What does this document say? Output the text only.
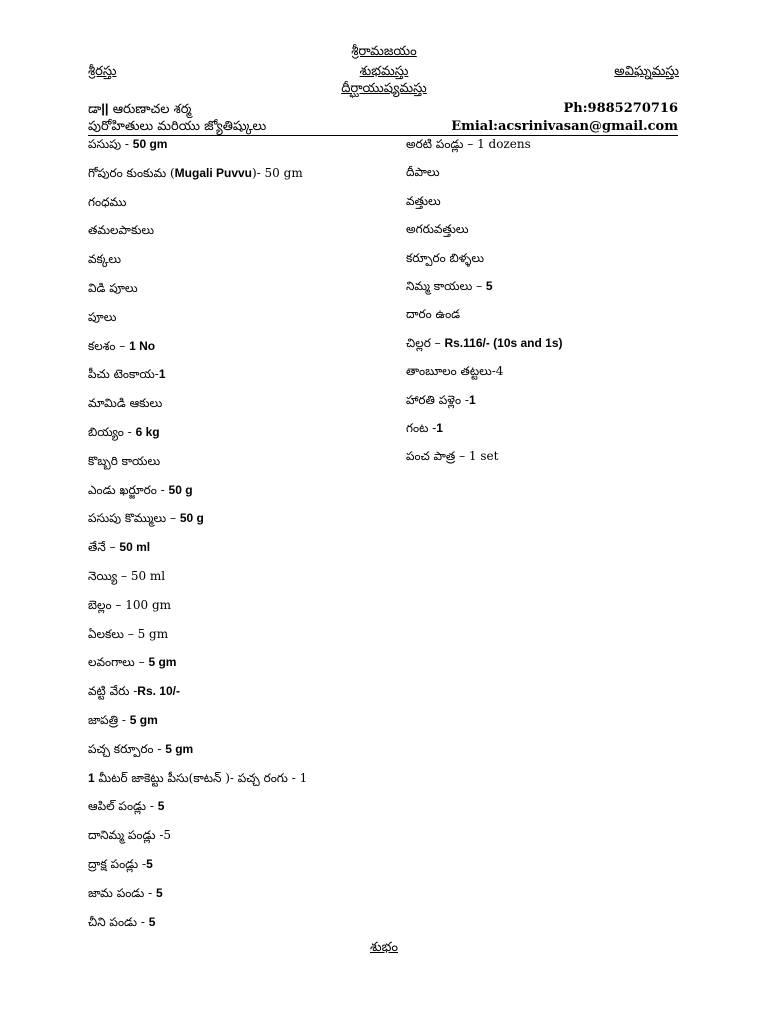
శ్రీరామజయం
శ్రీరస్తు	శుభమస్తు	అవిఘ్నమస్తు
దీర్ఘాయుష్యమస్తు
డా|| ఆరుణాచల శర్మ	Ph:9885270716
పురోహితులు మరియు జ్యోతిష్కులు	Emial:acsrinivasan@gmail.com
పసుపు - 50 gm
గోపురం కుంకుమ (Mugali Puvvu)- 50 gm
గంధము
తమలపాకులు
వక్కలు
విడి పూలు
పూలు
కలశం – 1 No
పీచు టెంకాయ-1
మామిడి ఆకులు
బియ్యం - 6 kg
కొబ్బరి కాయలు
ఎండు ఖర్జూరం - 50 g
పసుపు కొమ్ములు – 50 g
తేనే – 50 ml
నెయ్యి – 50 ml
బెల్లం – 100 gm
ఏలకలు – 5 gm
లవంగాలు – 5 gm
వట్టి వేరు -Rs. 10/-
జాపత్రి - 5 gm
పచ్చ కర్పూరం - 5 gm
1 మీటర్ జాకెట్టు పీసు(కాటన్ )- పచ్చ రంగు - 1
ఆపిల్ పండ్లు - 5
దానిమ్మ పండ్లు -5
ద్రాక్ష పండ్లు -5
జామ పండు - 5
చీని పండు - 5
అరటి పండ్లు – 1 dozens
దీపాలు
వత్తులు
అగరువత్తులు
కర్పూరం బిళ్ళలు
నిమ్మ కాయలు – 5
దారం ఉండ
చిల్లర – Rs.116/- (10s and 1s)
తాంబూలం తట్టలు-4
హారతి పళ్లెం -1
గంట -1
పంచ పాత్ర – 1 set
శుభం
